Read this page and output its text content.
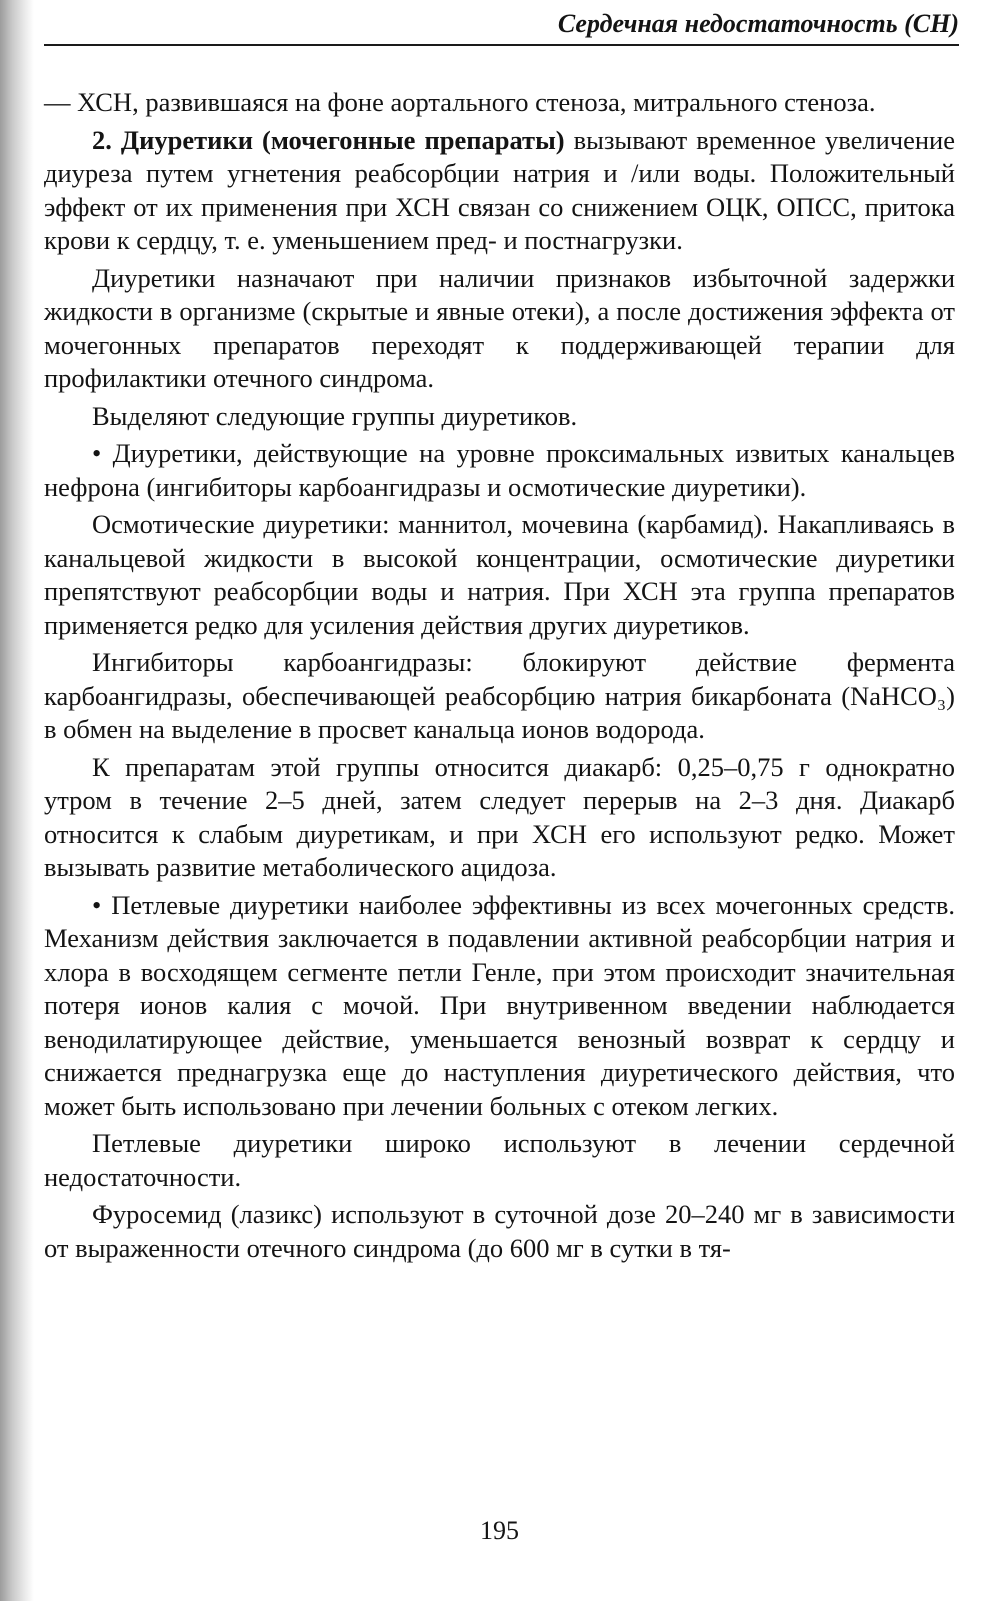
Сердечная недостаточность (СН)

— ХСН, развившаяся на фоне аортального стеноза, митрального стеноза.

2. Диуретики (мочегонные препараты) вызывают временное увеличение диуреза путем угнетения реабсорбции натрия и /или воды. Положительный эффект от их применения при ХСН связан со снижением ОЦК, ОПСС, притока крови к сердцу, т. е. уменьшением пред- и постнагрузки.

Диуретики назначают при наличии признаков избыточной задержки жидкости в организме (скрытые и явные отеки), а после достижения эффекта от мочегонных препаратов переходят к поддерживающей терапии для профилактики отечного синдрома.

Выделяют следующие группы диуретиков.

• Диуретики, действующие на уровне проксимальных извитых канальцев нефрона (ингибиторы карбоангидразы и осмотические диуретики).

Осмотические диуретики: маннитол, мочевина (карбамид). Накапливаясь в канальцевой жидкости в высокой концентрации, осмотические диуретики препятствуют реабсорбции воды и натрия. При ХСН эта группа препаратов применяется редко для усиления действия других диуретиков.

Ингибиторы карбоангидразы: блокируют действие фермента карбоангидразы, обеспечивающей реабсорбцию натрия бикарбоната (NaHCO₃) в обмен на выделение в просвет канальца ионов водорода.

К препаратам этой группы относится диакарб: 0,25–0,75 г однократно утром в течение 2–5 дней, затем следует перерыв на 2–3 дня. Диакарб относится к слабым диуретикам, и при ХСН его используют редко. Может вызывать развитие метаболического ацидоза.

• Петлевые диуретики наиболее эффективны из всех мочегонных средств. Механизм действия заключается в подавлении активной реабсорбции натрия и хлора в восходящем сегменте петли Генле, при этом происходит значительная потеря ионов калия с мочой. При внутривенном введении наблюдается венодилатирующее действие, уменьшается венозный возврат к сердцу и снижается преднагрузка еще до наступления диуретического действия, что может быть использовано при лечении больных с отеком легких.

Петлевые диуретики широко используют в лечении сердечной недостаточности.

Фуросемид (лазикс) используют в суточной дозе 20–240 мг в зависимости от выраженности отечного синдрома (до 600 мг в сутки в тя-

195
